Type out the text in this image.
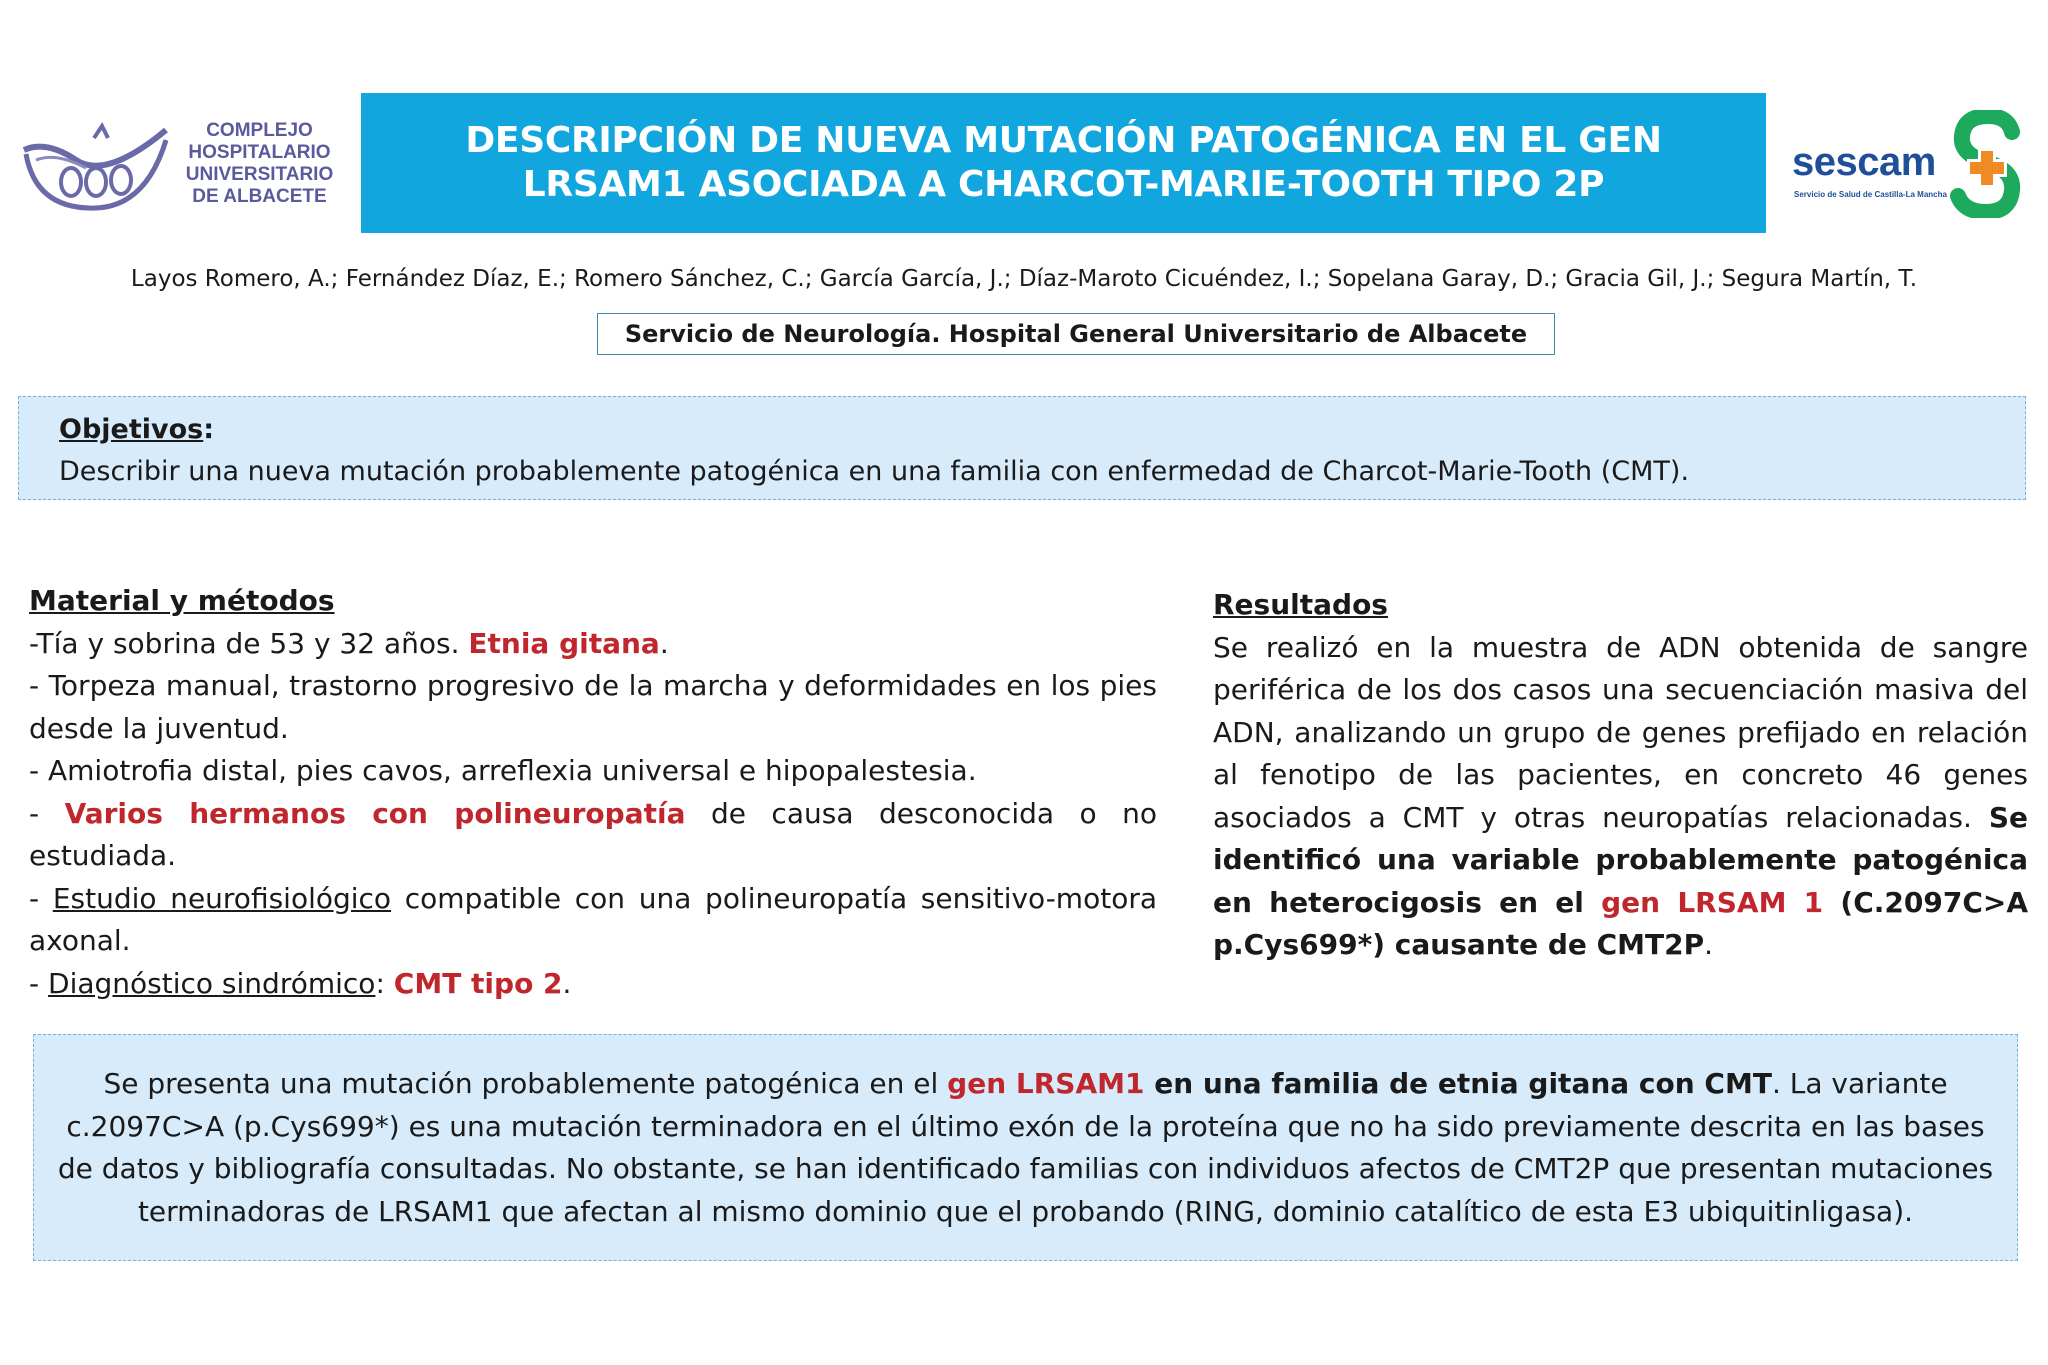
COMPLEJO
HOSPITALARIO
UNIVERSITARIO
DE ALBACETE
DESCRIPCIÓN DE NUEVA MUTACIÓN PATOGÉNICA EN EL GEN
LRSAM1 ASOCIADA A CHARCOT-MARIE-TOOTH TIPO 2P
sescam
Servicio de Salud de Castilla-La Mancha
Layos Romero, A.; Fernández Díaz, E.; Romero Sánchez, C.; García García, J.; Díaz-Maroto Cicuéndez, I.; Sopelana Garay, D.; Gracia Gil, J.; Segura Martín, T.
Servicio de Neurología. Hospital General Universitario de Albacete
Objetivos:
Describir una nueva mutación probablemente patogénica en una familia con enfermedad de Charcot-Marie-Tooth (CMT).
Material y métodos

-Tía y sobrina de 53 y 32 años. Etnia gitana.

- Torpeza manual, trastorno progresivo de la marcha y deformidades en los pies desde la juventud.

- Amiotrofia distal, pies cavos, arreflexia universal e hipopalestesia.

- Varios hermanos con polineuropatía de causa desconocida o no estudiada.

- Estudio neurofisiológico compatible con una polineuropatía sensitivo-motora axonal.

- Diagnóstico sindrómico: CMT tipo 2.

Resultados

Se realizó en la muestra de ADN obtenida de sangre periférica de los dos casos una secuenciación masiva del ADN, analizando un grupo de genes prefijado en relación al fenotipo de las pacientes, en concreto 46 genes asociados a CMT y otras neuropatías relacionadas. Se identificó una variable probablemente patogénica en heterocigosis en el gen LRSAM 1 (C.2097C>A p.Cys699*) causante de CMT2P.

Se presenta una mutación probablemente patogénica en el gen LRSAM1 en una familia de etnia gitana con CMT. La variante c.2097C>A (p.Cys699*) es una mutación terminadora en el último exón de la proteína que no ha sido previamente descrita en las bases de datos y bibliografía consultadas. No obstante, se han identificado familias con individuos afectos de CMT2P que presentan mutaciones terminadoras de LRSAM1 que afectan al mismo dominio que el probando (RING, dominio catalítico de esta E3 ubiquitinligasa).
